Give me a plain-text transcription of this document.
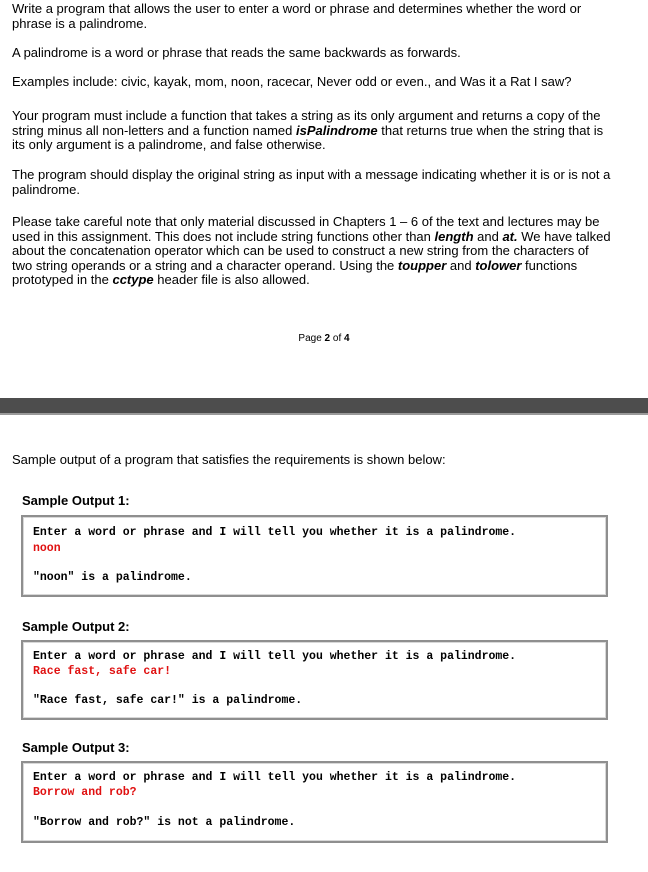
Write a program that allows the user to enter a word or phrase and determines whether the word or phrase is a palindrome.

A palindrome is a word or phrase that reads the same backwards as forwards.

Examples include: civic, kayak, mom, noon, racecar, Never odd or even., and Was it a Rat I saw?

Your program must include a function that takes a string as its only argument and returns a copy of the string minus all non-letters and a function named isPalindrome that returns true when the string that is its only argument is a palindrome, and false otherwise.

The program should display the original string as input with a message indicating whether it is or is not a palindrome.

Please take careful note that only material discussed in Chapters 1 – 6 of the text and lectures may be used in this assignment. This does not include string functions other than length and at. We have talked about the concatenation operator which can be used to construct a new string from the characters of two string operands or a string and a character operand. Using the toupper and tolower functions prototyped in the cctype header file is also allowed.

Page 2 of 4
Sample output of a program that satisfies the requirements is shown below:
Sample Output 1:
Enter a word or phrase and I will tell you whether it is a palindrome.
noon
"noon" is a palindrome.
Sample Output 2:
Enter a word or phrase and I will tell you whether it is a palindrome.
Race fast, safe car!
"Race fast, safe car!" is a palindrome.
Sample Output 3:
Enter a word or phrase and I will tell you whether it is a palindrome.
Borrow and rob?
"Borrow and rob?" is not a palindrome.
